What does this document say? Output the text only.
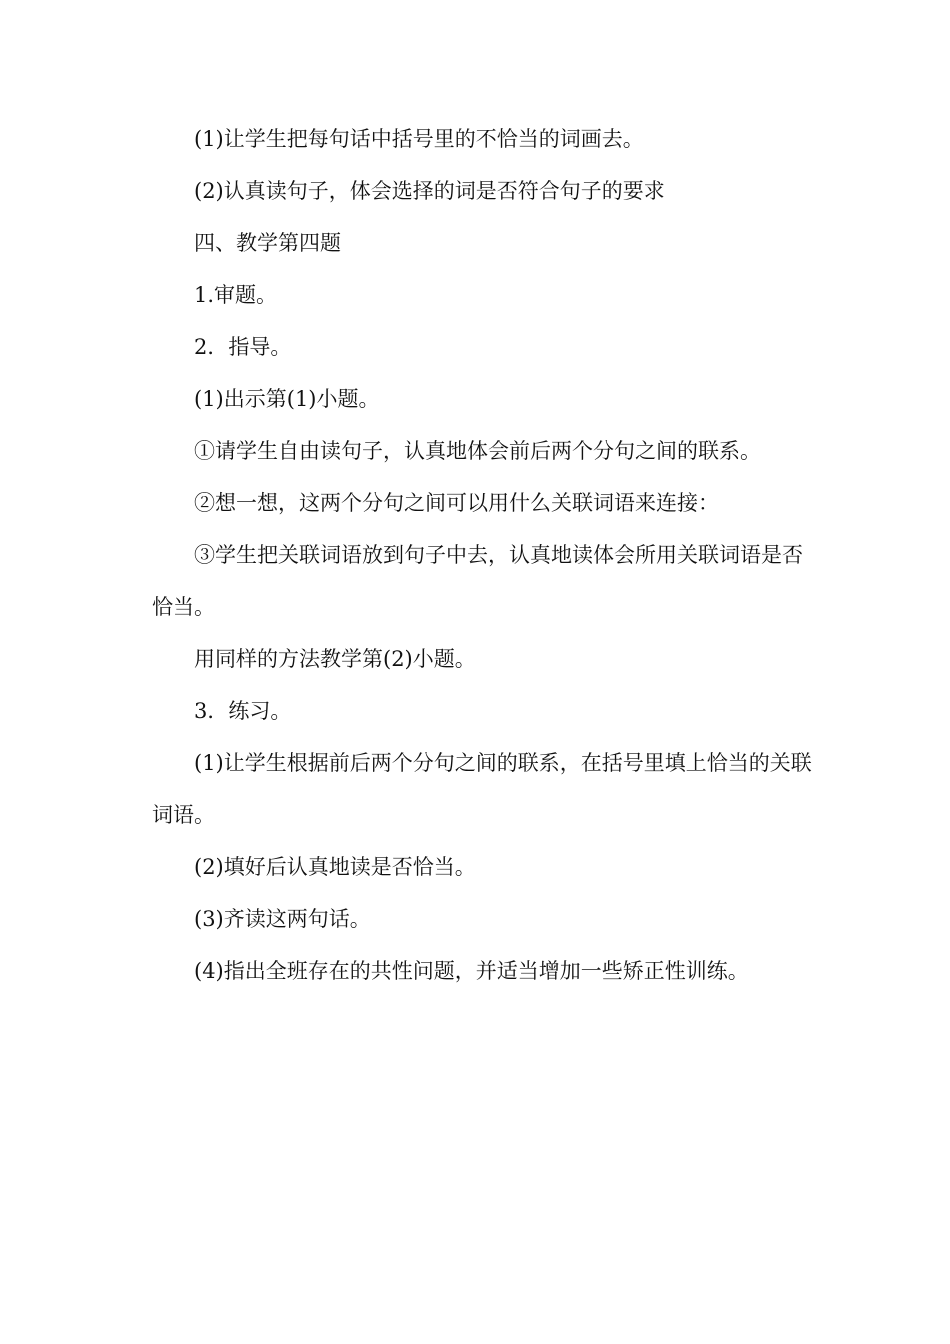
(1)让学生把每句话中括号里的不恰当的词画去。

(2)认真读句子，体会选择的词是否符合句子的要求

四、教学第四题

1.审题。

2．指导。

(1)出示第(1)小题。

①请学生自由读句子，认真地体会前后两个分句之间的联系。

②想一想，这两个分句之间可以用什么关联词语来连接：

③学生把关联词语放到句子中去，认真地读体会所用关联词语是否恰当。

用同样的方法教学第(2)小题。

3．练习。

(1)让学生根据前后两个分句之间的联系，在括号里填上恰当的关联词语。

(2)填好后认真地读是否恰当。

(3)齐读这两句话。

(4)指出全班存在的共性问题，并适当增加一些矫正性训练。
